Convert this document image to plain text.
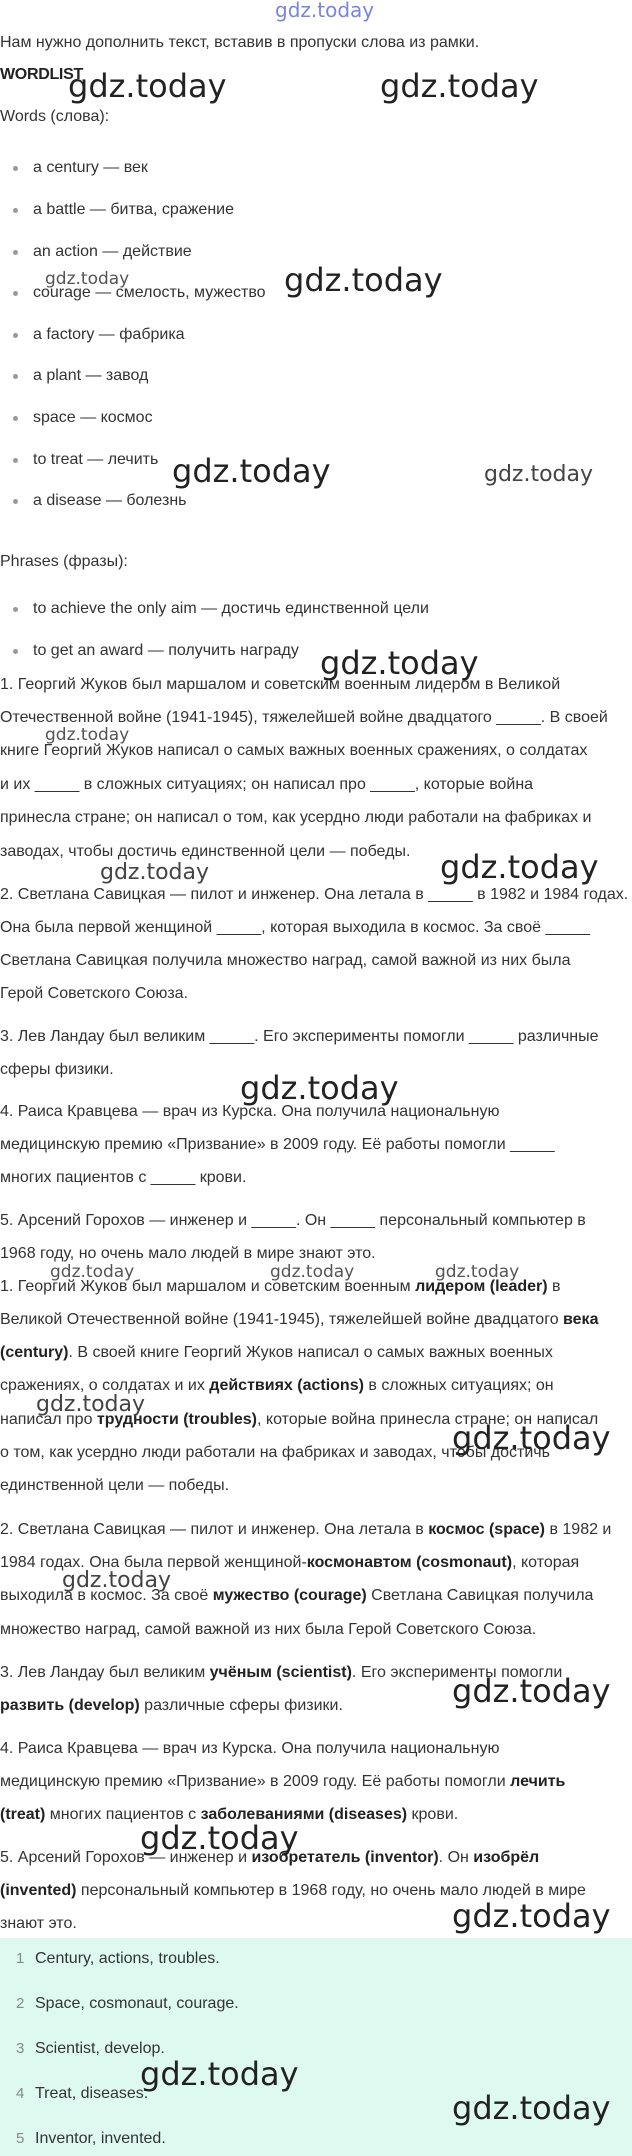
Нам нужно дополнить текст, вставив в пропуски слова из рамки.
WORDLIST
Words (слова):
a century — век
a battle — битва, сражение
an action — действие
courage — смелость, мужество
a factory — фабрика
a plant — завод
space — космос
to treat — лечить
a disease — болезнь
Phrases (фразы):
to achieve the only aim — достичь единственной цели
to get an award — получить награду
1. Георгий Жуков был маршалом и советским военным лидером в Великой
Отечественной войне (1941-1945), тяжелейшей войне двадцатого _____. В своей
книге Георгий Жуков написал о самых важных военных сражениях, о солдатах
и их _____ в сложных ситуациях; он написал про _____, которые война
принесла стране; он написал о том, как усердно люди работали на фабриках и
заводах, чтобы достичь единственной цели — победы.
2. Светлана Савицкая — пилот и инженер. Она летала в _____ в 1982 и 1984 годах.
Она была первой женщиной _____, которая выходила в космос. За своё _____
Светлана Савицкая получила множество наград, самой важной из них была
Герой Советского Союза.
3. Лев Ландау был великим _____. Его эксперименты помогли _____ различные
сферы физики.
4. Раиса Кравцева — врач из Курска. Она получила национальную
медицинскую премию «Призвание» в 2009 году. Её работы помогли _____
многих пациентов с _____ крови.
5. Арсений Горохов — инженер и _____. Он _____ персональный компьютер в
1968 году, но очень мало людей в мире знают это.
1. Георгий Жуков был маршалом и советским военным лидером (leader) в
Великой Отечественной войне (1941-1945), тяжелейшей войне двадцатого века
(century). В своей книге Георгий Жуков написал о самых важных военных
сражениях, о солдатах и их действиях (actions) в сложных ситуациях; он
написал про трудности (troubles), которые война принесла стране; он написал
о том, как усердно люди работали на фабриках и заводах, чтобы достичь
единственной цели — победы.
2. Светлана Савицкая — пилот и инженер. Она летала в космос (space) в 1982 и
1984 годах. Она была первой женщиной-космонавтом (cosmonaut), которая
выходила в космос. За своё мужество (courage) Светлана Савицкая получила
множество наград, самой важной из них была Герой Советского Союза.
3. Лев Ландау был великим учёным (scientist). Его эксперименты помогли
развить (develop) различные сферы физики.
4. Раиса Кравцева — врач из Курска. Она получила национальную
медицинскую премию «Призвание» в 2009 году. Её работы помогли лечить
(treat) многих пациентов с заболеваниями (diseases) крови.
5. Арсений Горохов — инженер и изобретатель (inventor). Он изобрёл
(invented) персональный компьютер в 1968 году, но очень мало людей в мире
знают это.
1 Century, actions, troubles.
2 Space, cosmonaut, courage.
3 Scientist, develop.
4 Treat, diseases.
5 Inventor, invented.
gdz.today
gdz.today	gdz.today
gdz.today	gdz.today
gdz.today	gdz.today
gdz.today
gdz.today
gdz.today
gdz.today
gdz.today
gdz.today	gdz.today	gdz.today
gdz.today
gdz.today
gdz.today
gdz.today
gdz.today
gdz.today
gdz.today
gdz.today
